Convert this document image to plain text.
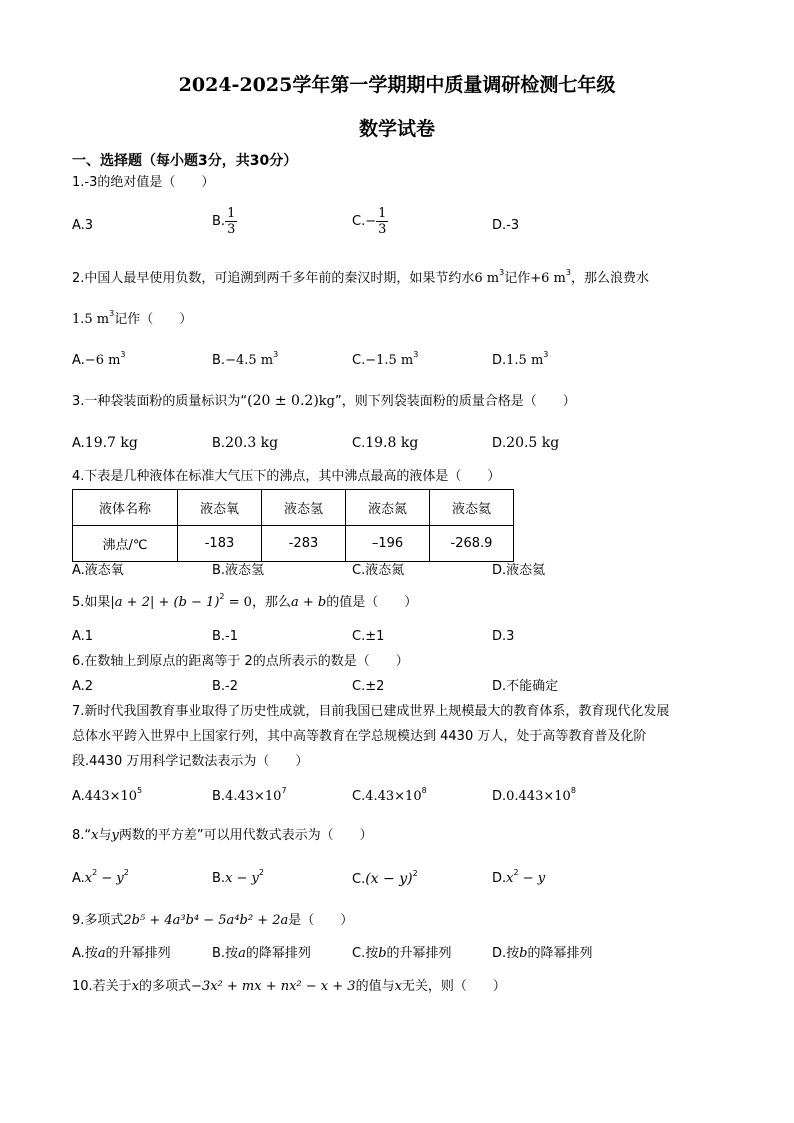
2024-2025学年第一学期期中质量调研检测七年级
数学试卷
一、选择题（每小题3分，共30分）
1.-3的绝对值是（　　）
A.3	B. $\frac{1}{3}$	$C.- \frac{1}{3}$	D.-3
2.中国人最早使用负数，可追溯到两千多年前的秦汉时期，如果节约水6 $m^3$记作+6 $m^3$，那么浪费水
1.5 $m^3$记作（　　）
A.−6 $m^3$	B.−4.5 $m^3$	C.−1.5 $m^3$	D.1.5 $m^3$
3.一种袋装面粉的质量标识为“(20 ± 0.2)kg”，则下列袋装面粉的质量合格是（　　）
A.19.7 kg	B.20.3 kg	C.19.8 kg	D.20.5 kg
4.下表是几种液体在标准大气压下的沸点，其中沸点最高的液体是（　　）
液体名称	液态氧	液态氢	液态氮	液态氦
沸点/℃	-183	-283	–196	-268.9
A.液态氧	B.液态氢	C.液态氮	D.液态氦
5.如果$|a + 2| + (b - 1)^2 = 0$，那么a + b的值是（　　）
A.1	B.-1	C.±1	D.3
6.在数轴上到原点的距离等于 2的点所表示的数是（　　）
A.2	B.-2	C.±2	D.不能确定
7.新时代我国教育事业取得了历史性成就，目前我国已建成世界上规模最大的教育体系，教育现代化发展
总体水平跨入世界中上国家行列，其中高等教育在学总规模达到 4430 万人，处于高等教育普及化阶
段.4430 万用科学记数法表示为（　　）
$A.443\times 10^5$	$B.4.43\times 10^7$	$C.4.43\times 10^8$	$D.0.443\times 10^8$
8.“x与y两数的平方差”可以用代数式表示为（　　）
$A.x^2 - y^2$	$B.x - y^2$	$C.(x - y)^2$	$D.x^2 - y$
9.多项式2b⁵ + 4a³b⁴ − 5a⁴b² + 2a是（　　）
A.按a的升幂排列	B.按a的降幂排列	C.按b的升幂排列	D.按b的降幂排列
10.若关于x的多项式−3x² + mx + nx² − x + 3的值与x无关，则（　　）
